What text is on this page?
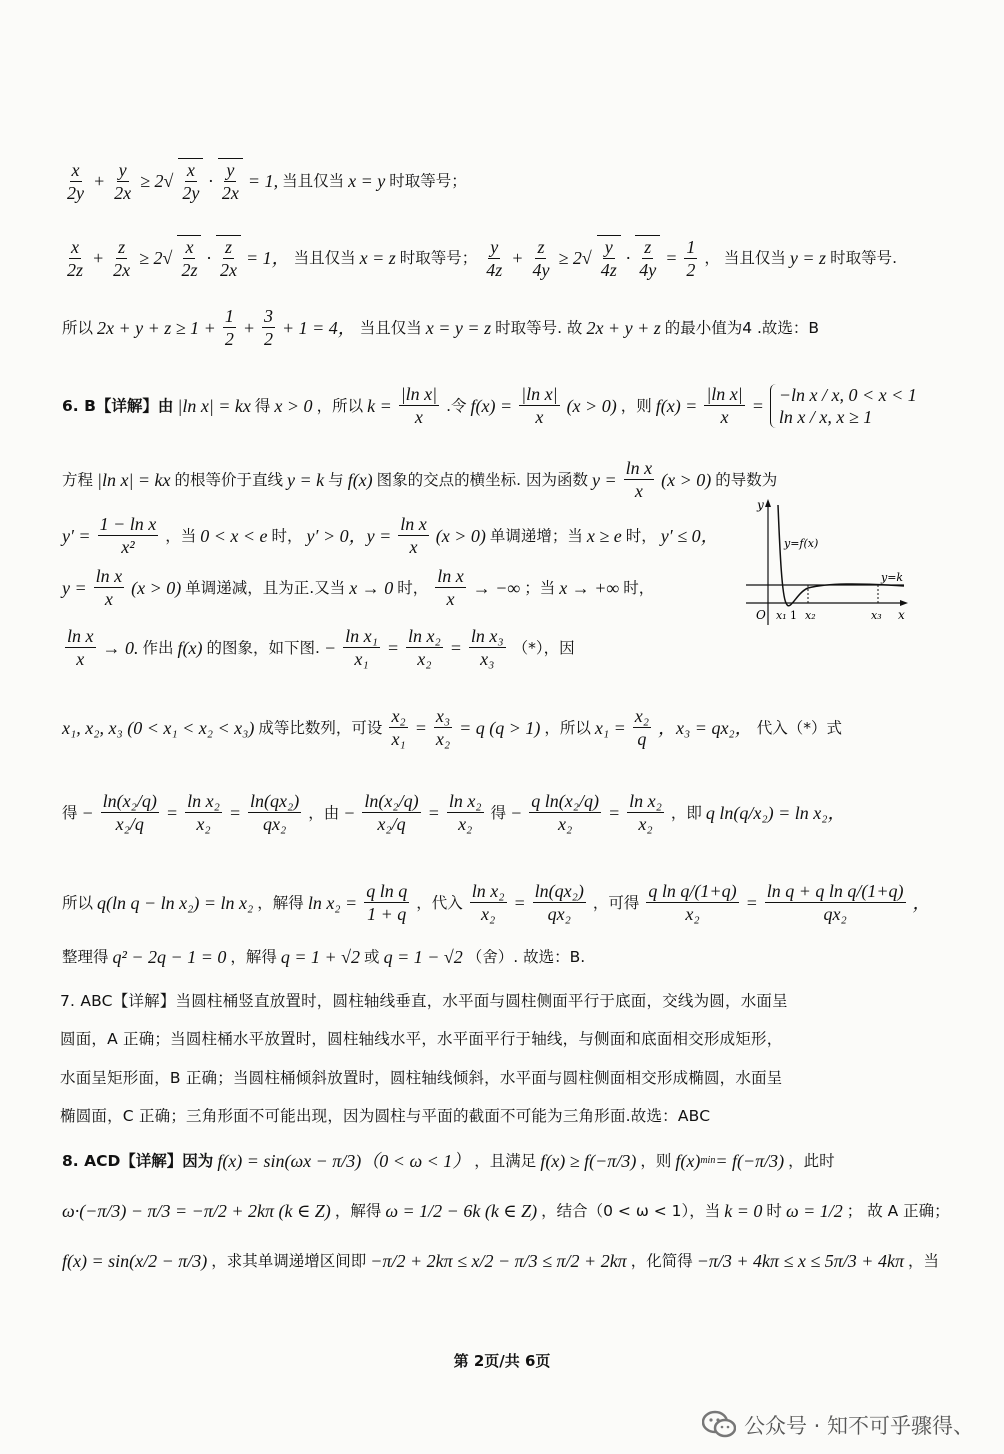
x
2y
+ $\frac{y}{2x} \ge 2√$
x
2y
· $\frac{y}{2x} = 1$, 当且仅当 x = y 时取等号；
x
2z
+ $\frac{z}{2x} \ge 2√$
x
2z
· $\frac{z}{2x} = 1$， 当且仅当 x = z 时取等号；
y
4z
+ $\frac{z}{4y} \ge 2√$
y
4z
· $\frac{z}{4y} = \frac{1}{2}$ ， 当且仅当 y = z 时取等号.
所以 $2x + y + z \ge 1 + \frac{1}{2} + \frac{3}{2} + 1 = 4$， 当且仅当 x = y = z 时取等号. 故 2x + y + z 的最小值为4 .故选：B
6. B【详解】由 |ln x| = kx 得 x > 0 ，所以 $k = \frac{\text{|ln x|}}{x}$ .令 $f(x) = \frac{\text{|ln x|}}{x} (x > 0)$ ，则 $f(x) = \frac{\text{|ln x|}}{x}$ =
−ln x / x, 0 < x < 1
ln x / x, x ≥ 1
方程 |ln x| = kx 的根等价于直线 y = k 与 f(x) 图象的交点的横坐标. 因为函数 $y = \frac{\text{ln x}}{x} (x > 0)$ 的导数为
$y' = \frac{\text{1 − ln x}}{\text{x²}}$ ，当 0 < x < e 时， y′ > 0，$y = \frac{\text{ln x}}{x} (x > 0)$ 单调递增；当 x ≥ e 时， y′ ≤ 0，
$y = \frac{\text{ln x}}{x} (x > 0)$ 单调递减，且为正.又当 x → 0 时，
ln x
x
→ −∞ ；当 x → +∞ 时，
ln x
x
→ 0. 作出 f(x) 的图象，如下图. − $\frac{\text{ln x₁}}{\text{x₁}} = \frac{\text{ln x₂}}{\text{x₂}} = \frac{\text{ln x₃}}{\text{x₃}}$ （*），因
y
x
O
y=f(x)
y=k
x₁ 1 x₂	x₃
x₁, x₂, x₃ (0 < x₁ < x₂ < x₃) 成等比数列，可设 $\frac{\text{x₂}}{\text{x₁}} = \frac{\text{x₃}}{\text{x₂}} = q$ (q > 1) ，所以 $x_1 = \frac{\text{x₂}}{q}$ ，x₃ = qx₂， 代入（*）式
得 − $\frac{\text{ln(x₂/q)}}{\text{x₂/q}} = \frac{\text{ln x₂}}{\text{x₂}} = \frac{\text{ln(qx₂)}}{\text{qx₂}}$ ，由 − $\frac{\text{ln(x₂/q)}}{\text{x₂/q}} = \frac{\text{ln x₂}}{\text{x₂}}$ 得 − $\frac{\text{q ln(x₂/q)}}{\text{x₂}} = \frac{\text{ln x₂}}{\text{x₂}}$ ，即 q ln(q/x₂) = ln x₂，
所以 q(ln q − ln x₂) = ln x₂ ，解得 $\ln x_2 = \frac{\text{q ln q}}{1 + q}$ ，代入 $\frac{\text{ln x₂}}{\text{x₂}} = \frac{\text{ln(qx₂)}}{\text{qx₂}}$ ，可得 $\frac{\text{q ln q/(1+q)}}{\text{x₂}} = \frac{\text{ln q + q ln q/(1+q)}}{\text{qx₂}}$ ，
整理得 q² − 2q − 1 = 0 ，解得 q = 1 + √2 或 q = 1 − √2 （舍）. 故选：B.
7. ABC【详解】当圆柱桶竖直放置时，圆柱轴线垂直，水平面与圆柱侧面平行于底面，交线为圆，水面呈
圆面，A 正确；当圆柱桶水平放置时，圆柱轴线水平，水平面平行于轴线，与侧面和底面相交形成矩形，
水面呈矩形面，B 正确；当圆柱桶倾斜放置时，圆柱轴线倾斜，水平面与圆柱侧面相交形成椭圆，水面呈
椭圆面，C 正确；三角形面不可能出现，因为圆柱与平面的截面不可能为三角形面.故选：ABC
8. ACD【详解】因为 f(x) = sin(ωx − π/3)（0 < ω < 1） ，且满足 f(x) ≥ f(−π/3) ，则 f(x) min = f(−π/3) ，此时
ω·(−π/3) − π/3 = −π/2 + 2kπ (k ∈ Z) ，解得 ω = 1/2 − 6k (k ∈ Z) ，结合（0 < ω < 1），当 k = 0 时 ω = 1/2 ； 故 A 正确；
f(x) = sin(x/2 − π/3) ，求其单调递增区间即 −π/2 + 2kπ ≤ x/2 − π/3 ≤ π/2 + 2kπ ，化简得 −π/3 + 4kπ ≤ x ≤ 5π/3 + 4kπ ，当
第 2页/共 6页
公众号 · 知不可乎骤得、
